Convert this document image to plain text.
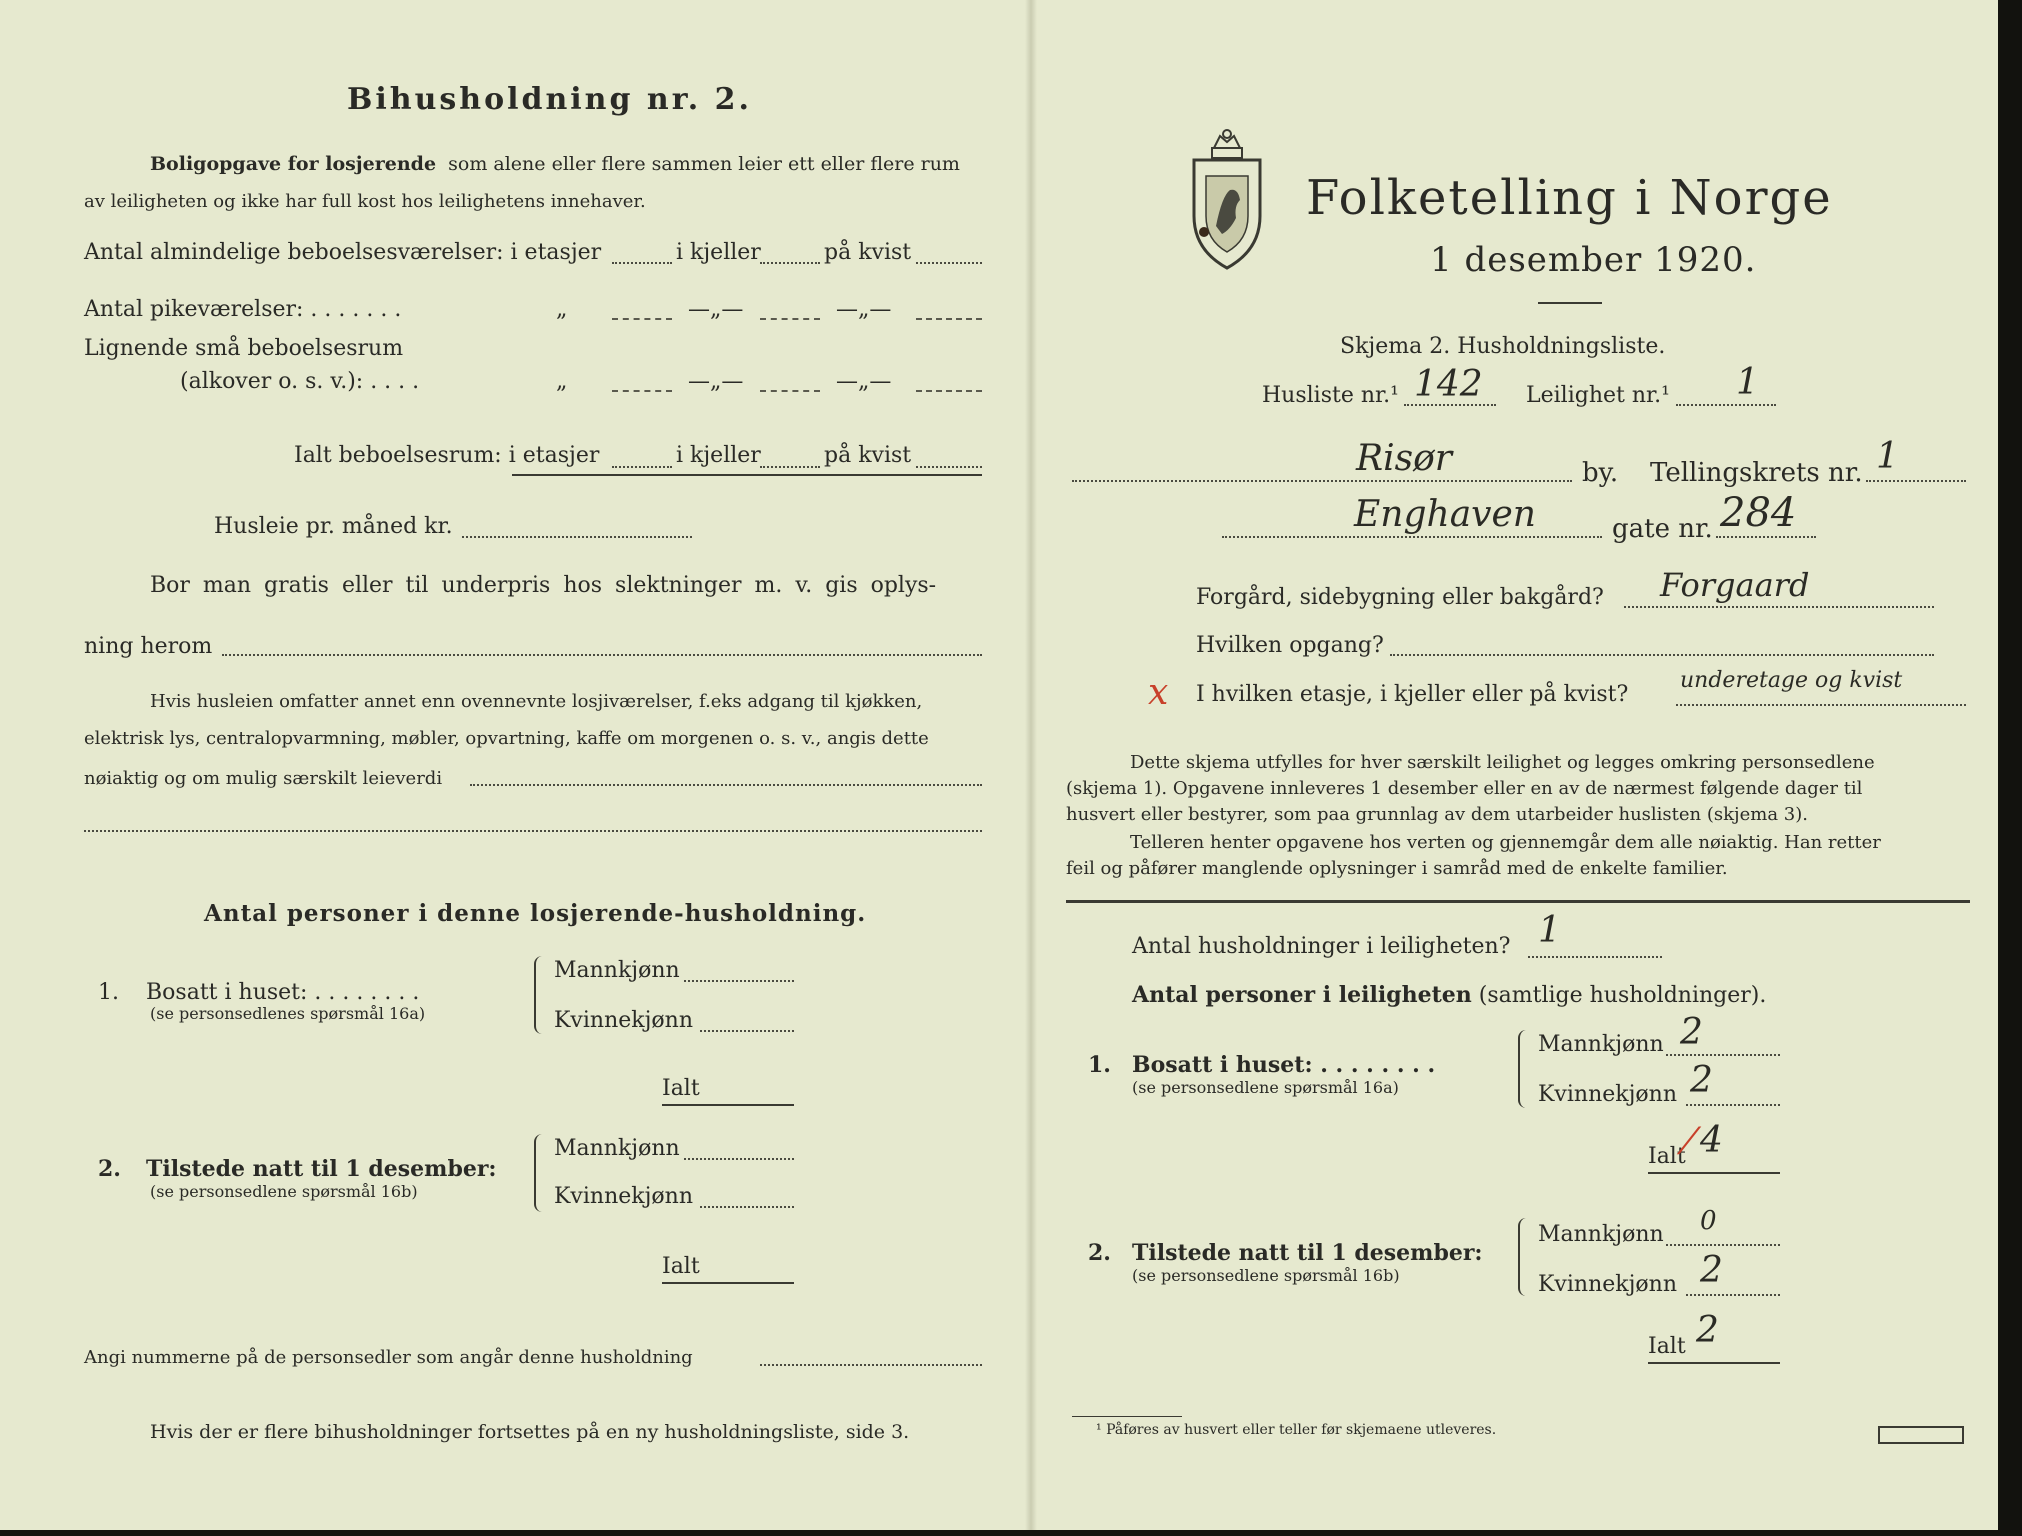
Bihusholdning nr. 2.
Boligopgave for losjerende som alene eller flere sammen leier ett eller flere rum
av leiligheten og ikke har full kost hos leilighetens innehaver.
Antal almindelige beboelsesværelser: i etasjer	i kjeller	på kvist
Antal pikeværelser: . . . . . . .	„	—„—	—„—
Lignende små beboelsesrum
(alkover o. s. v.): . . . .	„	—„—	—„—
Ialt beboelsesrum: i etasjer	i kjeller	på kvist
Husleie pr. måned kr.
Bor man gratis eller til underpris hos slektninger m. v. gis oplys-
ning herom
Hvis husleien omfatter annet enn ovennevnte losjiværelser, f.eks adgang til kjøkken,
elektrisk lys, centralopvarmning, møbler, opvartning, kaffe om morgenen o. s. v., angis dette
nøiaktig og om mulig særskilt leieverdi
Antal personer i denne losjerende-husholdning.
1. Bosatt i huset: . . . . . . . .
(se personsedlenes spørsmål 16a)
Mannkjønn
Kvinnekjønn
Ialt
2. Tilstede natt til 1 desember:
(se personsedlene spørsmål 16b)
Mannkjønn
Kvinnekjønn
Ialt
Angi nummerne på de personsedler som angår denne husholdning
Hvis der er flere bihusholdninger fortsettes på en ny husholdningsliste, side 3.
Folketelling i Norge
1 desember 1920.
Skjema 2. Husholdningsliste.
Husliste nr.¹ 142 Leilighet nr.¹ 1
Risør	by. Tellingskrets nr. 1
Enghaven	gate nr. 284
Forgård, sidebygning eller bakgård? Forgaard
Hvilken opgang?
x I hvilken etasje, i kjeller eller på kvist?
underetage og kvist
Dette skjema utfylles for hver særskilt leilighet og legges omkring personsedlene
(skjema 1). Opgavene innleveres 1 desember eller en av de nærmest følgende dager til
husvert eller bestyrer, som paa grunnlag av dem utarbeider huslisten (skjema 3).
Telleren henter opgavene hos verten og gjennemgår dem alle nøiaktig. Han retter
feil og påfører manglende oplysninger i samråd med de enkelte familier.
Antal husholdninger i leiligheten? 1
Antal personer i leiligheten (samtlige husholdninger).
1. Bosatt i huset: . . . . . . . .
(se personsedlene spørsmål 16a)
Mannkjønn 2
Kvinnekjønn 2
Ialt 4
⁄
2. Tilstede natt til 1 desember:
(se personsedlene spørsmål 16b)
Mannkjønn 0
Kvinnekjønn 2
Ialt 2
¹ Påføres av husvert eller teller før skjemaene utleveres.
